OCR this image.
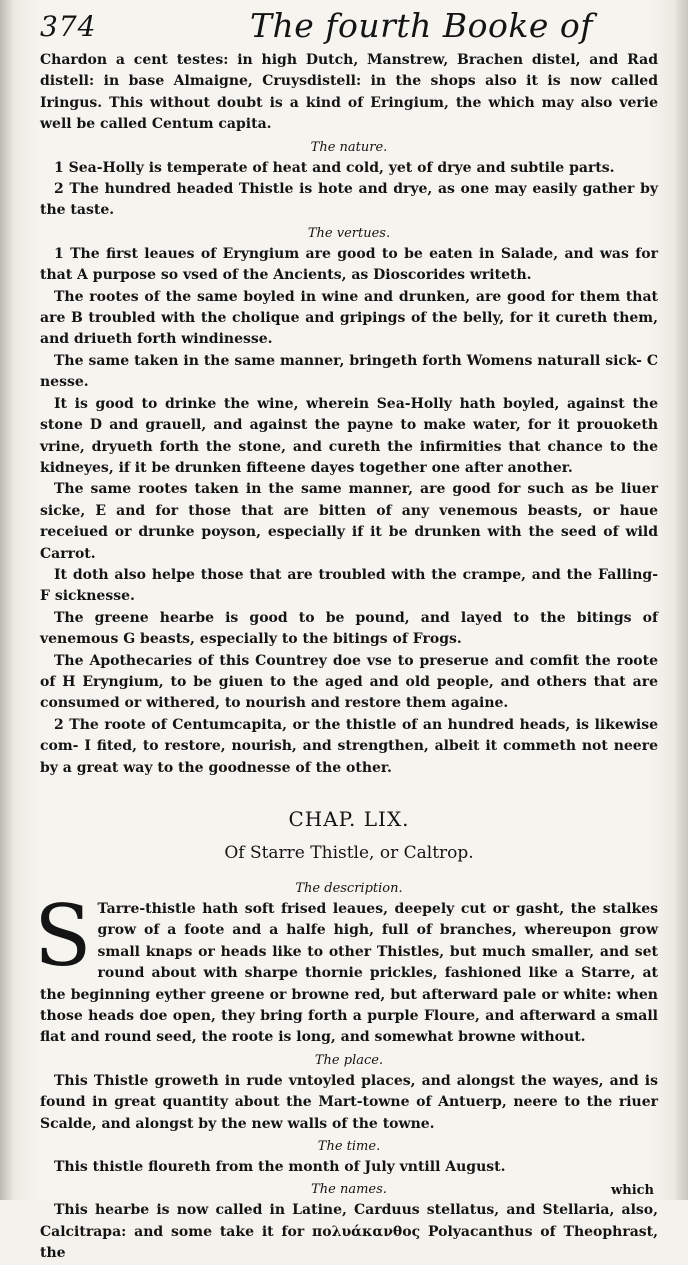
374	The fourth Booke of

Chardon a cent testes: in high Dutch, Manstrew, Brachen distel, and Rad distell: in base Almaigne, Cruysdistell: in the shops also it is now called Iringus. This without doubt is a kind of Eringium, the which may also verie well be called Centum capita.

The nature.

1 Sea-Holly is temperate of heat and cold, yet of drye and subtile parts.

2 The hundred headed Thistle is hote and drye, as one may easily gather by the taste.

The vertues.

1 The first leaues of Eryngium are good to be eaten in Salade, and was for that A purpose so vsed of the Ancients, as Dioscorides writeth.

The rootes of the same boyled in wine and drunken, are good for them that are B troubled with the cholique and gripings of the belly, for it cureth them, and driueth forth windinesse.

The same taken in the same manner, bringeth forth Womens naturall sick- C nesse.

It is good to drinke the wine, wherein Sea-Holly hath boyled, against the stone D and grauell, and against the payne to make water, for it prouoketh vrine, dryueth forth the stone, and cureth the infirmities that chance to the kidneyes, if it be drunken fifteene dayes together one after another.

The same rootes taken in the same manner, are good for such as be liuer sicke, E and for those that are bitten of any venemous beasts, or haue receiued or drunke poyson, especially if it be drunken with the seed of wild Carrot.

It doth also helpe those that are troubled with the crampe, and the Falling- F sicknesse.

The greene hearbe is good to be pound, and layed to the bitings of venemous G beasts, especially to the bitings of Frogs.

The Apothecaries of this Countrey doe vse to preserue and comfit the roote of H Eryngium, to be giuen to the aged and old people, and others that are consumed or withered, to nourish and restore them againe.

2 The roote of Centumcapita, or the thistle of an hundred heads, is likewise com- I fited, to restore, nourish, and strengthen, albeit it commeth not neere by a great way to the goodnesse of the other.

CHAP. LIX.
Of Starre Thistle, or Caltrop.
The description.
S Tarre-thistle hath soft frised leaues, deepely cut or gasht, the stalkes grow of a foote and a halfe high, full of branches, whereupon grow small knaps or heads like to other Thistles, but much smaller, and set round about with sharpe thornie prickles, fashioned like a Starre, at the beginning eyther greene or browne red, but afterward pale or white: when those heads doe open, they bring forth a purple Floure, and afterward a small flat and round seed, the roote is long, and somewhat browne without.

The place.

This Thistle groweth in rude vntoyled places, and alongst the wayes, and is found in great quantity about the Mart-towne of Antuerp, neere to the riuer Scalde, and alongst by the new walls of the towne.

The time.

This thistle floureth from the month of July vntill August.

The names.

This hearbe is now called in Latine, Carduus stellatus, and Stellaria, also, Calcitrapa: and some take it for πολυάκανθος Polyacanthus of Theophrast, the

which
